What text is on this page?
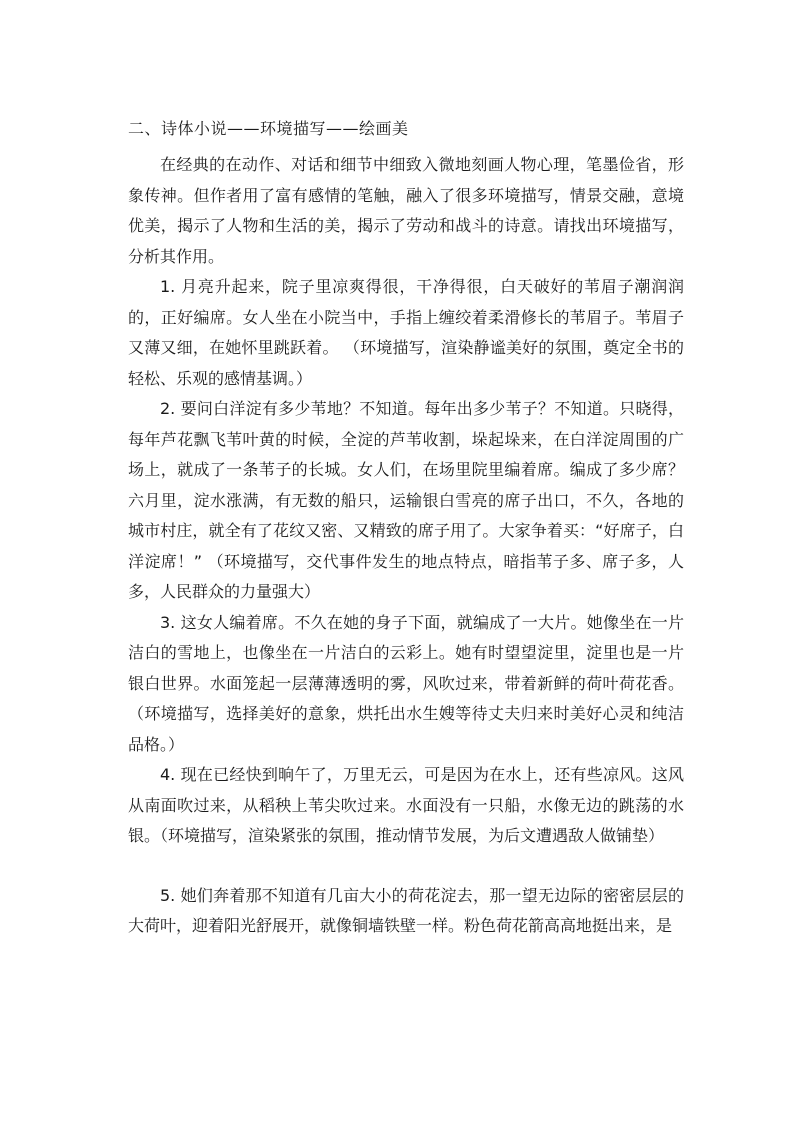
二、诗体小说——环境描写——绘画美

在经典的在动作、对话和细节中细致入微地刻画人物心理，笔墨俭省，形象传神。但作者用了富有感情的笔触，融入了很多环境描写，情景交融，意境优美，揭示了人物和生活的美，揭示了劳动和战斗的诗意。请找出环境描写，分析其作用。

1. 月亮升起来，院子里凉爽得很，干净得很，白天破好的苇眉子潮润润的，正好编席。女人坐在小院当中，手指上缠绞着柔滑修长的苇眉子。苇眉子又薄又细，在她怀里跳跃着。 （环境描写，渲染静谧美好的氛围，奠定全书的轻松、乐观的感情基调。）

2. 要问白洋淀有多少苇地？不知道。每年出多少苇子？不知道。只晓得，每年芦花飘飞苇叶黄的时候，全淀的芦苇收割，垛起垛来，在白洋淀周围的广场上，就成了一条苇子的长城。女人们，在场里院里编着席。编成了多少席？六月里，淀水涨满，有无数的船只，运输银白雪亮的席子出口，不久，各地的城市村庄，就全有了花纹又密、又精致的席子用了。大家争着买：“好席子，白洋淀席！” （环境描写，交代事件发生的地点特点，暗指苇子多、席子多，人多，人民群众的力量强大）

3. 这女人编着席。不久在她的身子下面，就编成了一大片。她像坐在一片洁白的雪地上，也像坐在一片洁白的云彩上。她有时望望淀里，淀里也是一片银白世界。水面笼起一层薄薄透明的雾，风吹过来，带着新鲜的荷叶荷花香。（环境描写，选择美好的意象，烘托出水生嫂等待丈夫归来时美好心灵和纯洁品格。）

4. 现在已经快到晌午了，万里无云，可是因为在水上，还有些凉风。这风从南面吹过来，从稻秧上苇尖吹过来。水面没有一只船，水像无边的跳荡的水银。（环境描写，渲染紧张的氛围，推动情节发展，为后文遭遇敌人做铺垫）

5. 她们奔着那不知道有几亩大小的荷花淀去，那一望无边际的密密层层的大荷叶，迎着阳光舒展开，就像铜墙铁壁一样。粉色荷花箭高高地挺出来，是
